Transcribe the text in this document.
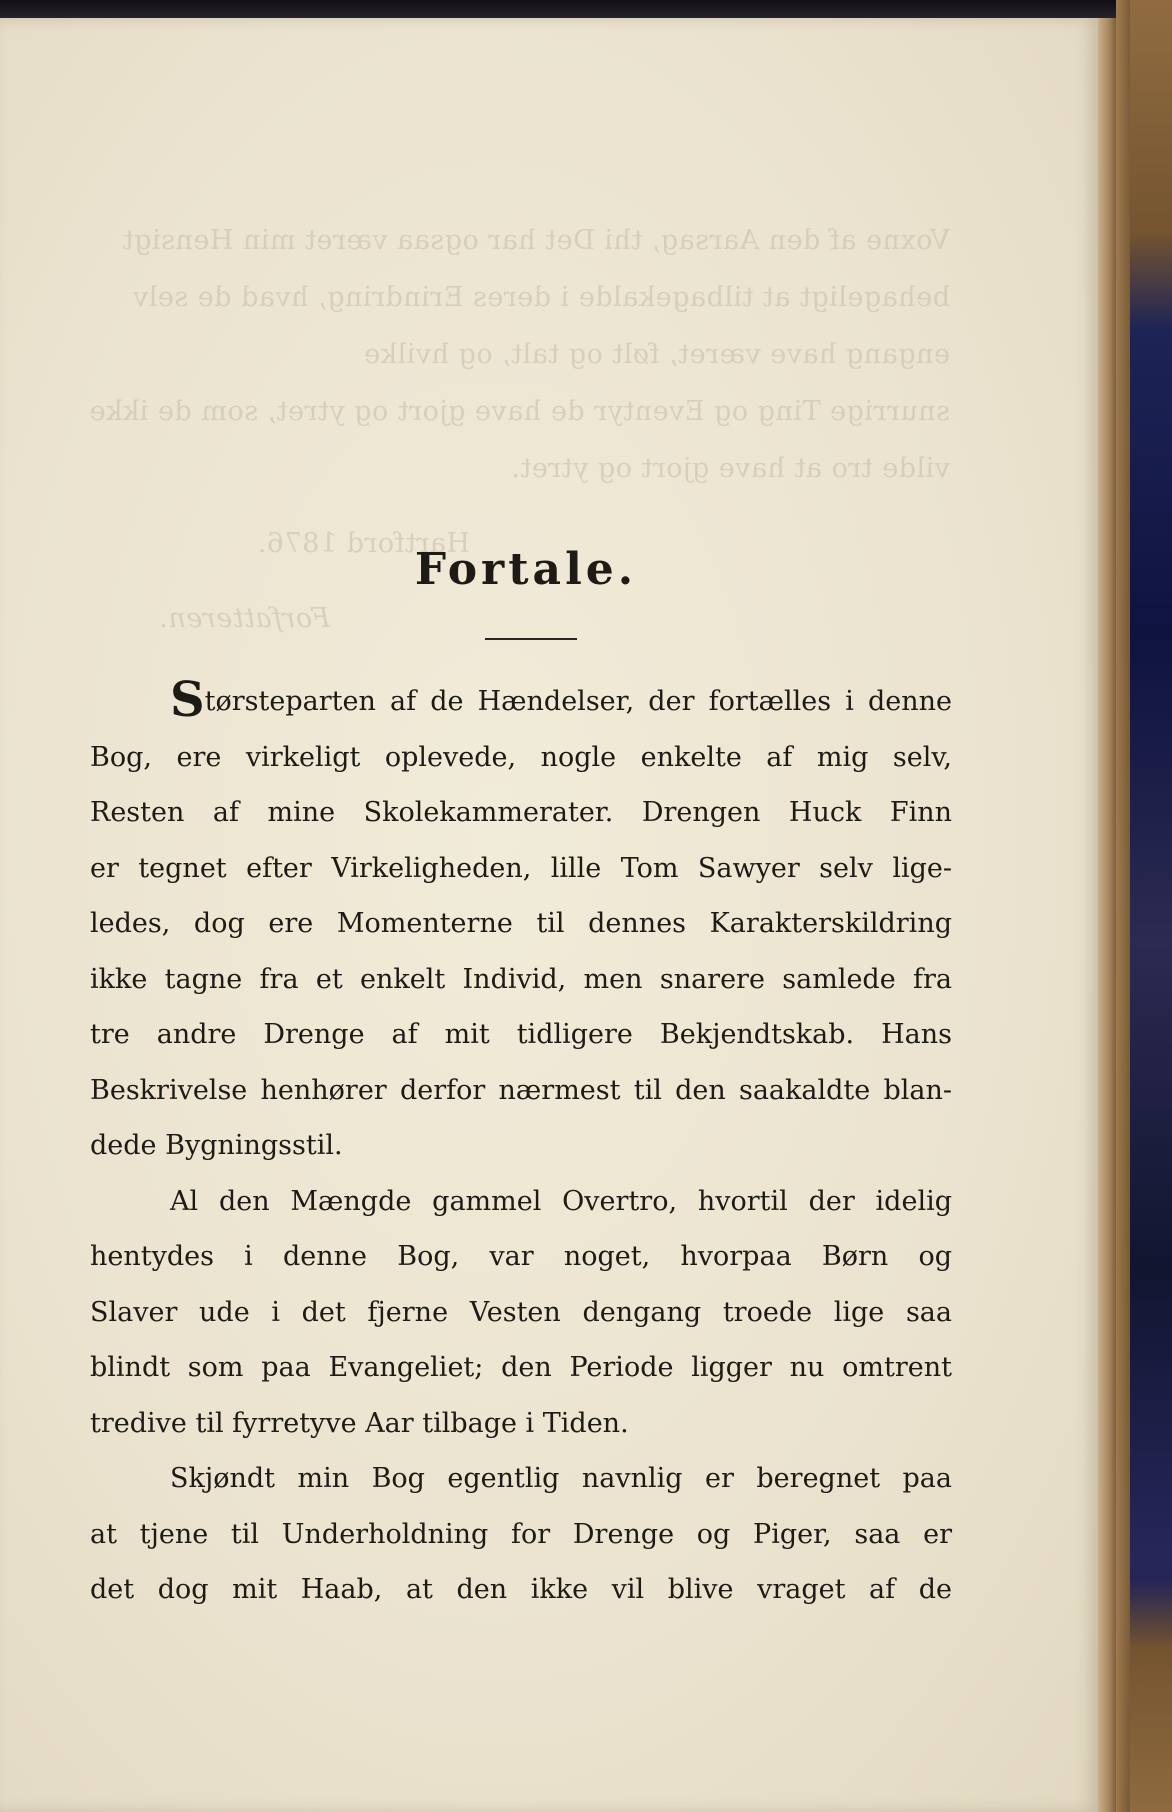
Voxne af den Aarsag, thi Det har ogsaa været min Hensigt
behageligt at tilbagekalde i deres Erindring, hvad de selv
engang have været, følt og talt, og hvilke
snurrige Ting og Eventyr de have gjort og ytret, som de ikke
vilde tro at have gjort og ytret.
Hartford 1876.
Forfatteren.
Fortale.

Størsteparten af de Hændelser, der fortælles i denne
Bog, ere virkeligt oplevede, nogle enkelte af mig selv,
Resten af mine Skolekammerater. Drengen Huck Finn
er tegnet efter Virkeligheden, lille Tom Sawyer selv lige-
ledes, dog ere Momenterne til dennes Karakterskildring
ikke tagne fra et enkelt Individ, men snarere samlede fra
tre andre Drenge af mit tidligere Bekjendtskab. Hans
Beskrivelse henhører derfor nærmest til den saakaldte blan-
dede Bygningsstil.

Al den Mængde gammel Overtro, hvortil der idelig
hentydes i denne Bog, var noget, hvorpaa Børn og
Slaver ude i det fjerne Vesten dengang troede lige saa
blindt som paa Evangeliet; den Periode ligger nu omtrent
tredive til fyrretyve Aar tilbage i Tiden.

Skjøndt min Bog egentlig navnlig er beregnet paa
at tjene til Underholdning for Drenge og Piger, saa er
det dog mit Haab, at den ikke vil blive vraget af de
